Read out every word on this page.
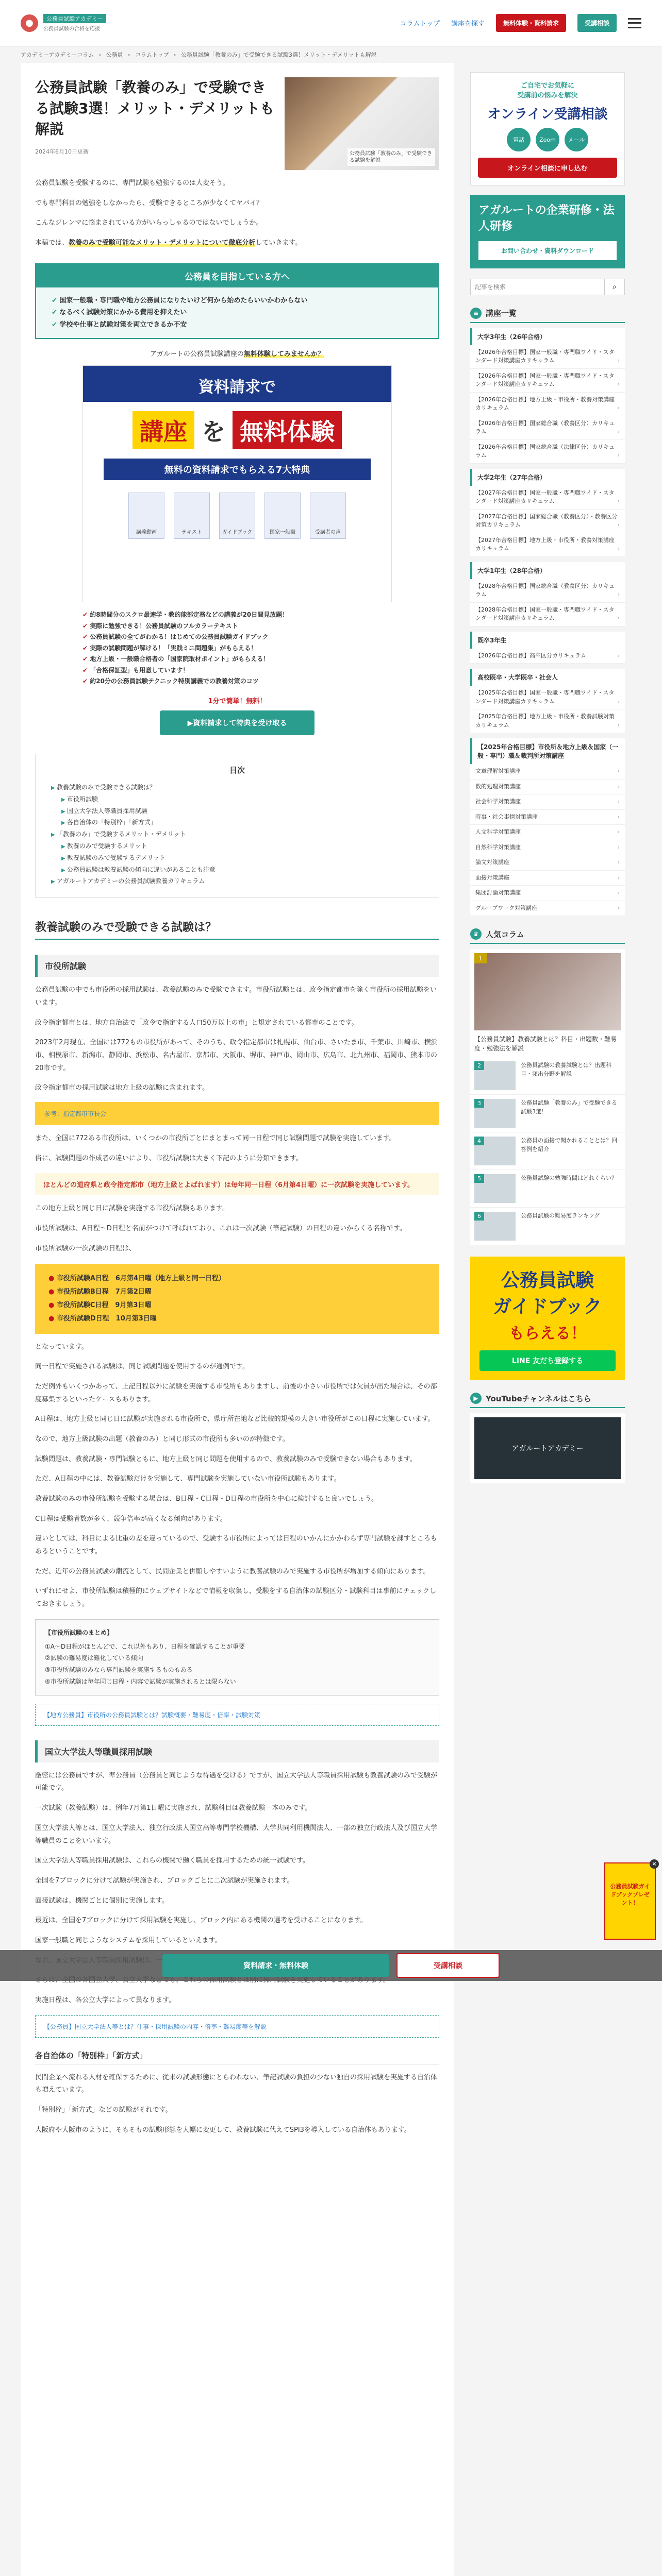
●	公務員試験アカデミー
公務員試験の合格を応援
コラムトップ 講座を探す	無料体験・資料請求	受講相談
アカデミーアカデミーコラム › 公務員 › コラムトップ › 公務員試験「教養のみ」で受験できる試験3選！メリット・デメリットも解説
公務員試験「教養のみ」で受験できる試験3選！メリット・デメリットも解説
2024年6月10日更新	公務員試験「教養のみ」で受験できる試験を解説

公務員試験を受験するのに、専門試験も勉強するのは大変そう。

でも専門科目の勉強をしなかったら、受験できるところが少なくてヤバイ？

こんなジレンマに悩まされている方がいらっしゃるのではないでしょうか。

本稿では、教養のみで受験可能なメリット・デメリットについて徹底分析していきます。

公務員を目指している方へ
✔ 国家一般職・専門職や地方公務員になりたいけど何から始めたらいいかわからない
✔ なるべく試験対策にかかる費用を抑えたい
✔ 学校や仕事と試験対策を両立できるか不安

アガルートの公務員試験講座の無料体験してみませんか？

資料請求で
講座 を 無料体験
無料の資料請求でもらえる7大特典
講義動画	テキスト	ガイドブック	国家一般職	受講者の声
✔ 約8時間分のスクロ最速学・教的能部定務などの講義が20日間見放題！
✔ 実際に勉強できる！公務員試験のフルカラーテキスト
✔ 公務員試験の全てがわかる！はじめての公務員試験ガイドブック
✔ 実際の試験問題が解ける！「実践ミニ問題集」がもらえる！
✔ 地方上級・一般職合格者の「国家院取材ポイント」がもらえる！
✔ 「合格保証型」も用意しています！
✔ 約20分の公務員試験テクニック特別講義での教養対策のコツ
1分で簡単！無料！
▶資料請求して特典を受け取る
目次
▶ 教養試験のみで受験できる試験は？
▶ 市役所試験
▶ 国立大学法人等職員採用試験
▶ 各自治体の「特別枠」「新方式」
▶ 「教養のみ」で受験するメリット・デメリット
▶ 教養のみで受験するメリット
▶ 教養試験のみで受験するデメリット
▶ 公務員試験は教養試験の傾向に違いがあることも注意
▶ アガルートアカデミーの公務員試験教養カリキュラム
教養試験のみで受験できる試験は？
市役所試験

公務員試験の中でも市役所の採用試験は、教養試験のみで受験できます。市役所試験とは、政令指定都市を除く市役所の採用試験をいいます。

政令指定都市とは、地方自治法で「政令で指定する人口50万以上の市」と規定されている都市のことです。

2023年2月現在、全国には772もの市役所があって、そのうち、政令指定都市は札幌市、仙台市、さいたま市、千葉市、川崎市、横浜市、相模原市、新潟市、静岡市、浜松市、名古屋市、京都市、大阪市、堺市、神戸市、岡山市、広島市、北九州市、福岡市、熊本市の20市です。

政令指定都市の採用試験は地方上級の試験に含まれます。

参考：指定都市市長会

また、全国に772ある市役所は、いくつかの市役所ごとにまとまって同一日程で同じ試験問題で試験を実施しています。

俗に、試験問題の作成者の違いにより、市役所試験は大きく下記のように分類できます。

ほとんどの道府県と政令指定都市（地方上級とよばれます）は毎年同一日程（6月第4日曜）に一次試験を実施しています。

この地方上級と同じ日に試験を実施する市役所試験もあります。

市役所試験は、A日程～D日程と名前がつけて呼ばれており、これは一次試験（筆記試験）の日程の違いからくる名称です。

市役所試験の一次試験の日程は、

● 市役所試験A日程　6月第4日曜（地方上級と同一日程）
● 市役所試験B日程　7月第2日曜
● 市役所試験C日程　9月第3日曜
● 市役所試験D日程　10月第3日曜

となっています。

同一日程で実施される試験は、同じ試験問題を使用するのが通例です。

ただ例外もいくつかあって、上記日程以外に試験を実施する市役所もありますし、前後の小さい市役所では欠員が出た場合は、その都度募集するといったケースもあります。

A日程は、地方上級と同じ日に試験が実施される市役所で、県庁所在地など比較的規模の大きい市役所がこの日程に実施しています。

なので、地方上級試験の出題（教養のみ）と同じ形式の市役所も多いのが特徴です。

試験問題は、教養試験・専門試験ともに、地方上級と同じ問題を使用するので、教養試験のみで受験できない場合もあります。

ただ、A日程の中には、教養試験だけを実施して、専門試験を実施していない市役所試験もあります。

教養試験のみの市役所試験を受験する場合は、B日程・C日程・D日程の市役所を中心に検討すると良いでしょう。

C日程は受験者数が多く、競争倍率が高くなる傾向があります。

違いとしては、科目による比重の差を違っているので、受験する市役所によっては日程のいかんにかかわらず専門試験を課すところもあるということです。

ただ、近年の公務員試験の潮流として、民間企業と併願しやすいように教養試験のみで実施する市役所が増加する傾向にあります。

いずれにせよ、市役所試験は積極的にウェブサイトなどで情報を収集し、受験をする自治体の試験区分・試験科目は事前にチェックしておきましょう。

【市役所試験のまとめ】
①A～D日程がほとんどで、これ以外もあり、日程を確認することが重要
②試験の難易度は難化している傾向
③市役所試験のみなら専門試験を実施するものもある
④市役所試験は毎年同じ日程・内容で試験が実施されるとは限らない
【地方公務員】市役所の公務員試験とは？試験概要・難易度・倍率・試験対策
国立大学法人等職員採用試験

厳密には公務員ですが、準公務員（公務員と同じような待遇を受ける）ですが、国立大学法人等職員採用試験も教養試験のみで受験が可能です。

一次試験（教養試験）は、例年7月第1日曜に実施され、試験科目は教養試験一本のみです。

国立大学法人等とは、国立大学法人、独立行政法人国立高等専門学校機構、大学共同利用機関法人、一部の独立行政法人及び国立大学等職員のことをいいます。

国立大学法人等職員採用試験は、これらの機関で働く職員を採用するための統一試験です。

全国を7ブロックに分けて試験が実施され、ブロックごとに二次試験が実施されます。

面接試験は、機関ごとに個別に実施します。

最近は、全国を7ブロックに分けて採用試験を実施し、ブロック内にある機関の選考を受けることになります。

国家一般職と同じようなシステムを採用しているといえます。

実施日程は、各公立大学によって異なります。

【公務員】国立大学法人等とは？仕事・採用試験の内容・倍率・難易度等を解説
各自治体の「特別枠」「新方式」

民間企業へ流れる人材を確保するために、従来の試験形態にとらわれない、筆記試験の負担の少ない独自の採用試験を実施する自治体も増えています。

「特別枠」「新方式」などの試験がそれです。

大阪府や大阪市のように、そもそもの試験形態を大幅に変更して、教養試験に代えてSPI3を導入している自治体もあります。

ご自宅でお気軽に
受講前の悩みを解決
オンライン受講相談
電話	Zoom	メール
オンライン相談に申し込む
アガルートの企業研修・法人研修
お問い合わせ・資料ダウンロード
記事を検索
⌕
≡ 講座一覧
大学3年生（26年合格）
【2026年合格目標】国家一般職・専門職ワイド・スタンダード対策講座カリキュラム ›
【2026年合格目標】国家一般職・専門職ワイド・スタンダード対策講座カリキュラム ›
【2026年合格目標】地方上級・市役所・教養対策講座カリキュラム ›
【2026年合格目標】国家総合職（教養区分）カリキュラム ›
【2026年合格目標】国家総合職（法律区分）カリキュラム ›
大学2年生（27年合格）
【2027年合格目標】国家一般職・専門職ワイド・スタンダード対策講座カリキュラム ›
【2027年合格目標】国家総合職（教養区分）・教養区分対策カリキュラム ›
【2027年合格目標】地方上級・市役所・教養対策講座カリキュラム ›
大学1年生（28年合格）
【2028年合格目標】国家総合職（教養区分）カリキュラム ›
【2028年合格目標】国家一般職・専門職ワイド・スタンダード対策講座カリキュラム ›
既卒3年生
【2026年合格目標】高卒区分カリキュラム ›
高校既卒・大学既卒・社会人
【2025年合格目標】国家一般職・専門職ワイド・スタンダード対策講座カリキュラム ›
【2025年合格目標】地方上級・市役所・教養試験対策カリキュラム ›
【2025年合格目標】市役所＆地方上級＆国家（一般・専門）職＆裁判所対策講座
文章理解対策講座 ›
数的処理対策講座 ›
社会科学対策講座 ›
時事・社会事情対策講座 ›
人文科学対策講座 ›
自然科学対策講座 ›
論文対策講座 ›
面接対策講座 ›
集団討論対策講座 ›
グループワーク対策講座 ›
♛ 人気コラム
1

【公務員試験】教養試験とは？科目・出題数・難易度・勉強法を解説

2	公務員試験の教養試験とは？出題科目・頻出分野を解説

3	公務員試験「教養のみ」で受験できる試験3選！

4	公務員の面接で聞かれることとは？回答例を紹介

5	公務員試験の勉強時間はどれくらい？

6	公務員試験の難易度ランキング

公務員試験
ガイドブック
もらえる！
LINE 友だち登録する
▶ YouTubeチャンネルはこちら
アガルートアカデミー
×
公務員試験ガイドブックプレゼント！
資料請求・無料体験	受講相談
